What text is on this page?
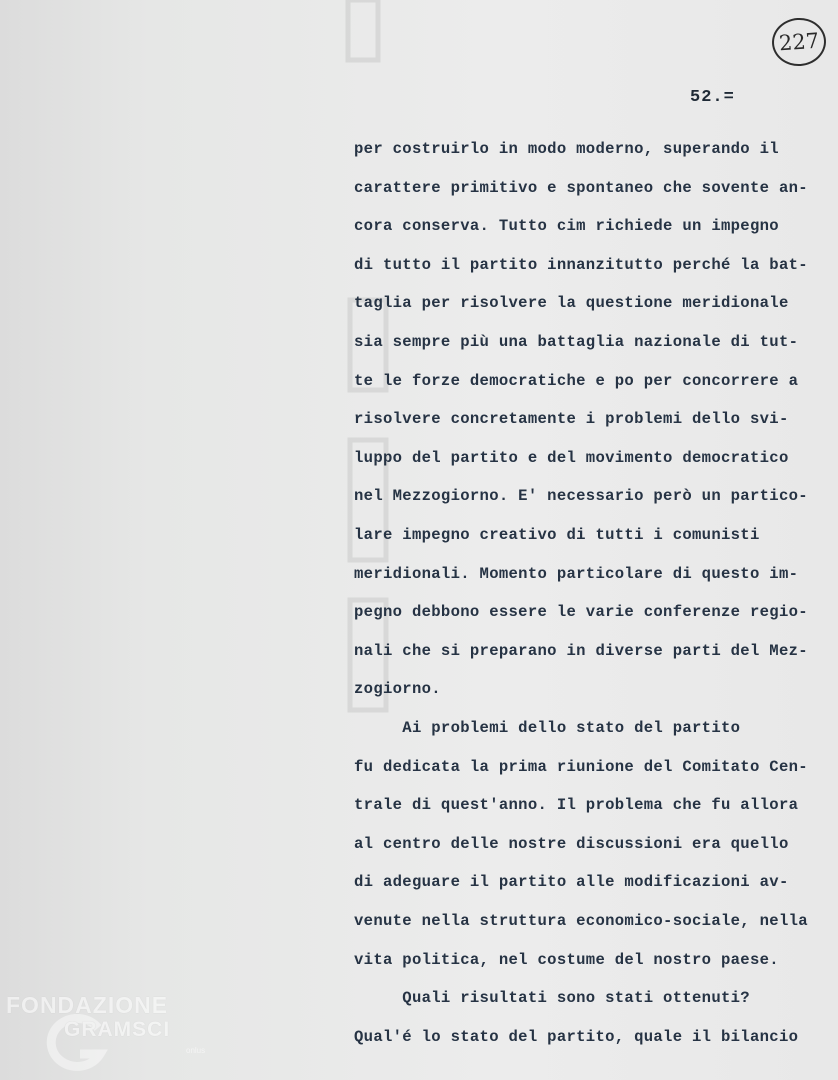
227
52.=
per costruirlo in modo moderno, superando il
carattere primitivo e spontaneo che sovente an-
cora conserva. Tutto cim richiede un impegno
di tutto il partito innanzitutto perché la bat-
taglia per risolvere la questione meridionale
sia sempre più una battaglia nazionale di tut-
te le forze democratiche e po per concorrere a
risolvere concretamente i problemi dello svi-
luppo del partito e del movimento democratico
nel Mezzogiorno. E' necessario però un partico-
lare impegno creativo di tutti i comunisti
meridionali. Momento particolare di questo im-
pegno debbono essere le varie conferenze regio-
nali che si preparano in diverse parti del Mez-
zogiorno.
Ai problemi dello stato del partito
fu dedicata la prima riunione del Comitato Cen-
trale di quest'anno. Il problema che fu allora
al centro delle nostre discussioni era quello
di adeguare il partito alle modificazioni av-
venute nella struttura economico-sociale, nella
vita politica, nel costume del nostro paese.
Quali risultati sono stati ottenuti?
Qual'é lo stato del partito, quale il bilancio
FONDAZIONE
GRAMSCI
onlus
